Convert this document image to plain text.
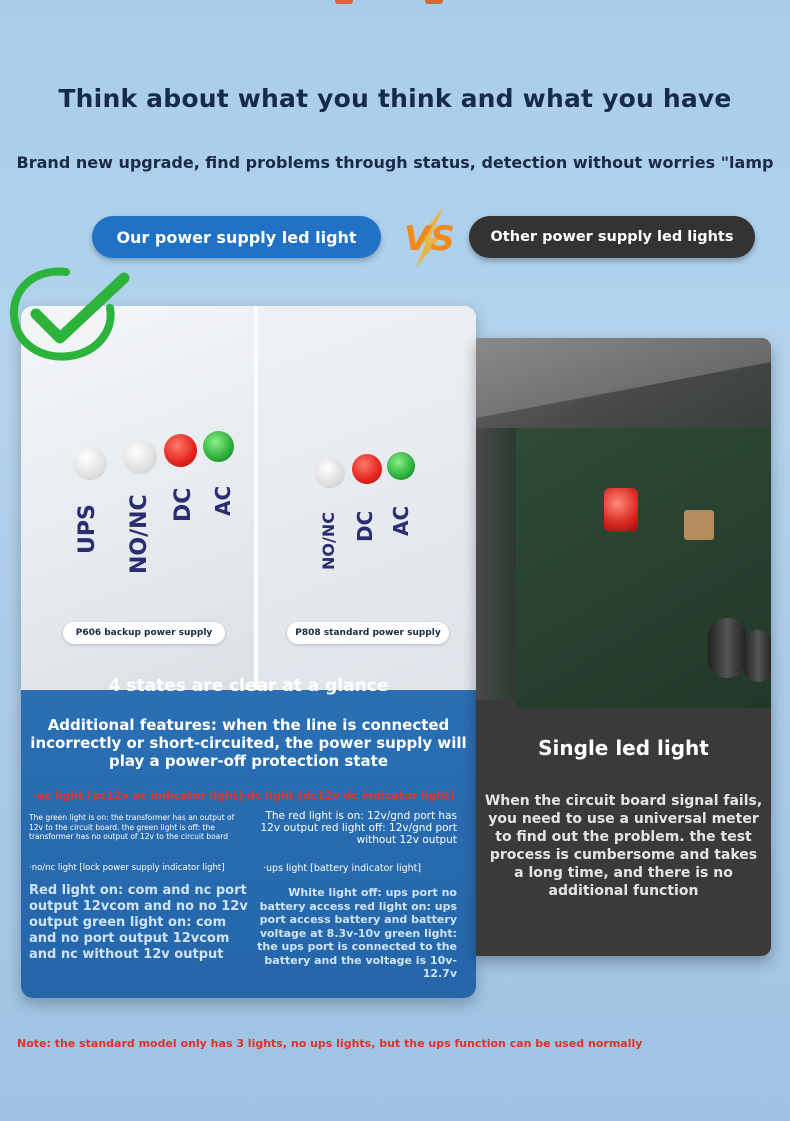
Think about what you think and what you have
Brand new upgrade, find problems through status, detection without worries "lamp
Our power supply led light	VS	Other power supply led lights
UPS NO/NC DC AC
NO/NC DC AC
P606 backup power supply	P808 standard power supply
4 states are clear at a glance
Additional features: when the line is connected incorrectly or short-circuited, the power supply will play a power-off protection state
·ac light [ac12v ac indicator light] ·dc light [dc12v dc indicator light]
The green light is on: the transformer has an output of 12v to the circuit board. the green light is off: the transformer has no output of 12v to the circuit board
The red light is on: 12v/gnd port has 12v output red light off: 12v/gnd port without 12v output
·no/nc light [lock power supply indicator light]	·ups light [battery indicator light]
Red light on: com and nc port output 12vcom and no no 12v output green light on: com and no port output 12vcom and nc without 12v output
White light off: ups port no battery access red light on: ups port access battery and battery voltage at 8.3v-10v green light: the ups port is connected to the battery and the voltage is 10v-12.7v
Single led light
When the circuit board signal fails, you need to use a universal meter to find out the problem. the test process is cumbersome and takes a long time, and there is no additional function
Note: the standard model only has 3 lights, no ups lights, but the ups function can be used normally
